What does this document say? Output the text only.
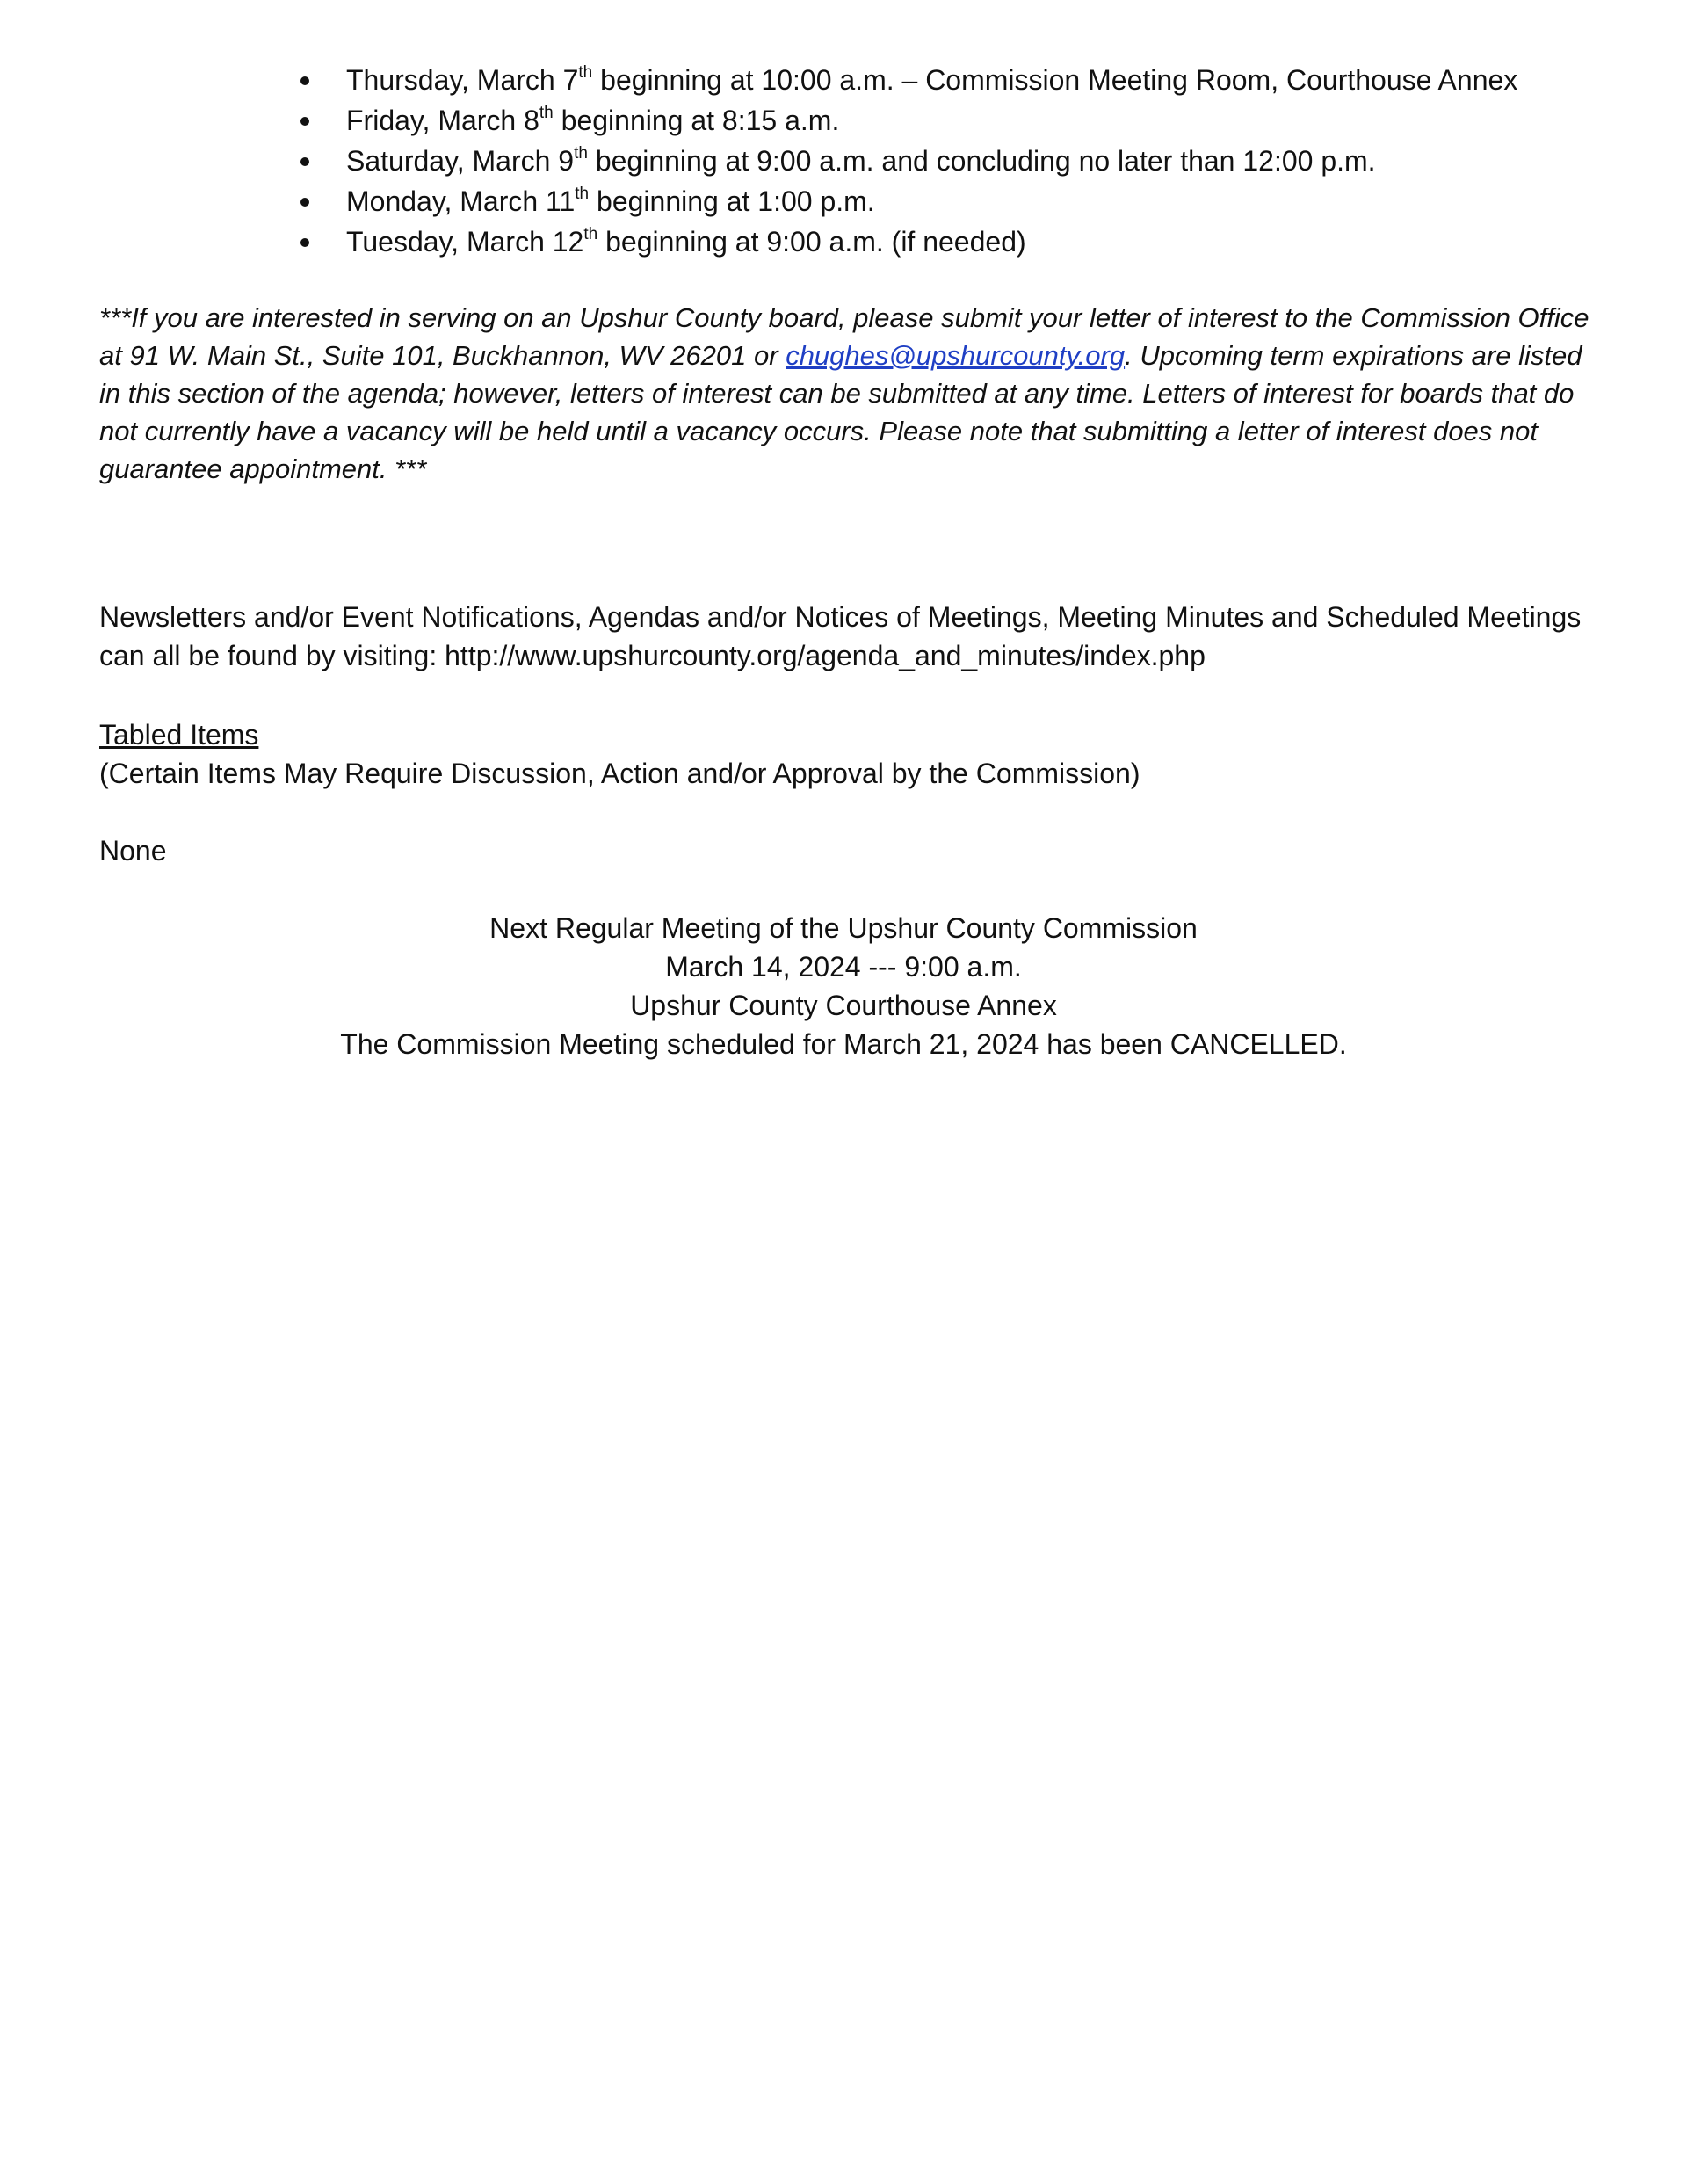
Thursday, March 7th beginning at 10:00 a.m. – Commission Meeting Room, Courthouse Annex
Friday, March 8th beginning at 8:15 a.m.
Saturday, March 9th beginning at 9:00 a.m. and concluding no later than 12:00 p.m.
Monday, March 11th beginning at 1:00 p.m.
Tuesday, March 12th beginning at 9:00 a.m. (if needed)

***If you are interested in serving on an Upshur County board, please submit your letter of interest to the Commission Office at 91 W. Main St., Suite 101, Buckhannon, WV 26201 or chughes@upshurcounty.org. Upcoming term expirations are listed in this section of the agenda; however, letters of interest can be submitted at any time. Letters of interest for boards that do not currently have a vacancy will be held until a vacancy occurs. Please note that submitting a letter of interest does not guarantee appointment. ***

Newsletters and/or Event Notifications, Agendas and/or Notices of Meetings, Meeting Minutes and Scheduled Meetings can all be found by visiting: http://www.upshurcounty.org/agenda_and_minutes/index.php

Tabled Items

(Certain Items May Require Discussion, Action and/or Approval by the Commission)

None

Next Regular Meeting of the Upshur County Commission
March 14, 2024 --- 9:00 a.m.
Upshur County Courthouse Annex
The Commission Meeting scheduled for March 21, 2024 has been CANCELLED.
